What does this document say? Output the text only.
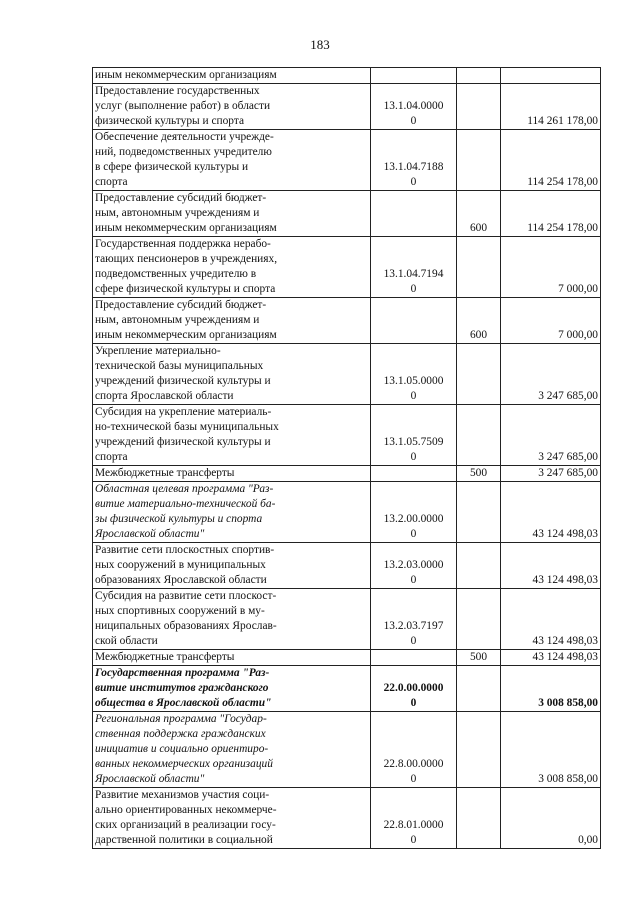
183
иным некоммерческим организациям			

Предоставление государственных
услуг (выполнение работ) в области
физической культуры и спорта	13.1.04.0000
0		114 261 178,00

Обеспечение деятельности учрежде-
ний, подведомственных учредителю
в сфере физической культуры и
спорта	13.1.04.7188
0		114 254 178,00

Предоставление субсидий бюджет-
ным, автономным учреждениям и
иным некоммерческим организациям		600	114 254 178,00

Государственная поддержка нерабо-
тающих пенсионеров в учреждениях,
подведомственных учредителю в
сфере физической культуры и спорта	13.1.04.7194
0		7 000,00

Предоставление субсидий бюджет-
ным, автономным учреждениям и
иным некоммерческим организациям		600	7 000,00

Укрепление материально-
технической базы муниципальных
учреждений физической культуры и
спорта Ярославской области	13.1.05.0000
0		3 247 685,00

Субсидия на укрепление материаль-
но-технической базы муниципальных
учреждений физической культуры и
спорта	13.1.05.7509
0		3 247 685,00

Межбюджетные трансферты		500	3 247 685,00

Областная целевая программа "Раз-
витие материально-технической ба-
зы физической культуры и спорта
Ярославской области"	13.2.00.0000
0		43 124 498,03

Развитие сети плоскостных спортив-
ных сооружений в муниципальных
образованиях Ярославской области	13.2.03.0000
0		43 124 498,03

Субсидия на развитие сети плоскост-
ных спортивных сооружений в му-
ниципальных образованиях Ярослав-
ской области	13.2.03.7197
0		43 124 498,03

Межбюджетные трансферты		500	43 124 498,03

Государственная программа "Раз-
витие институтов гражданского
общества в Ярославской области"	22.0.00.0000
0		3 008 858,00

Региональная программа "Государ-
ственная поддержка гражданских
инициатив и социально ориентиро-
ванных некоммерческих организаций
Ярославской области"	22.8.00.0000
0		3 008 858,00

Развитие механизмов участия соци-
ально ориентированных некоммерче-
ских организаций в реализации госу-
дарственной политики в социальной	22.8.01.0000
0		0,00
